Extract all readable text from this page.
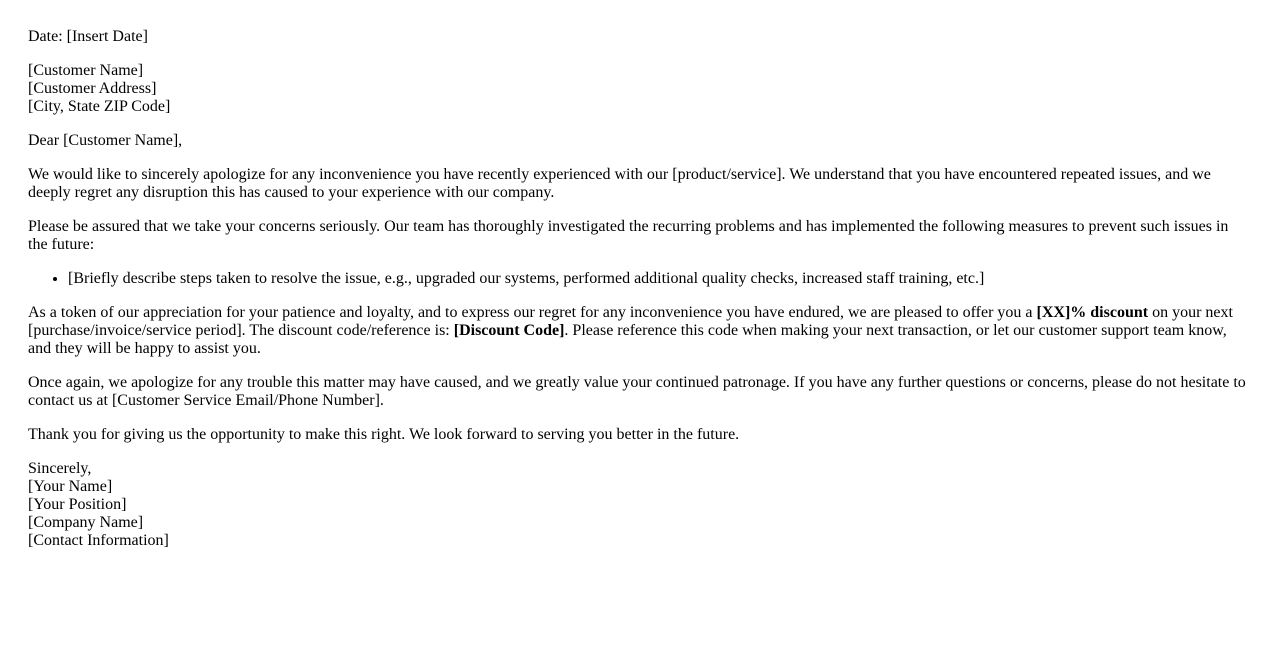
Date: [Insert Date]

[Customer Name]
[Customer Address]
[City, State ZIP Code]

Dear [Customer Name],

We would like to sincerely apologize for any inconvenience you have recently experienced with our [product/service]. We understand that you have encountered repeated issues, and we deeply regret any disruption this has caused to your experience with our company.

Please be assured that we take your concerns seriously. Our team has thoroughly investigated the recurring problems and has implemented the following measures to prevent such issues in the future:

• [Briefly describe steps taken to resolve the issue, e.g., upgraded our systems, performed additional quality checks, increased staff training, etc.]

As a token of our appreciation for your patience and loyalty, and to express our regret for any inconvenience you have endured, we are pleased to offer you a [XX]% discount on your next [purchase/invoice/service period]. The discount code/reference is: [Discount Code]. Please reference this code when making your next transaction, or let our customer support team know, and they will be happy to assist you.

Once again, we apologize for any trouble this matter may have caused, and we greatly value your continued patronage. If you have any further questions or concerns, please do not hesitate to contact us at [Customer Service Email/Phone Number].

Thank you for giving us the opportunity to make this right. We look forward to serving you better in the future.

Sincerely,
[Your Name]
[Your Position]
[Company Name]
[Contact Information]
